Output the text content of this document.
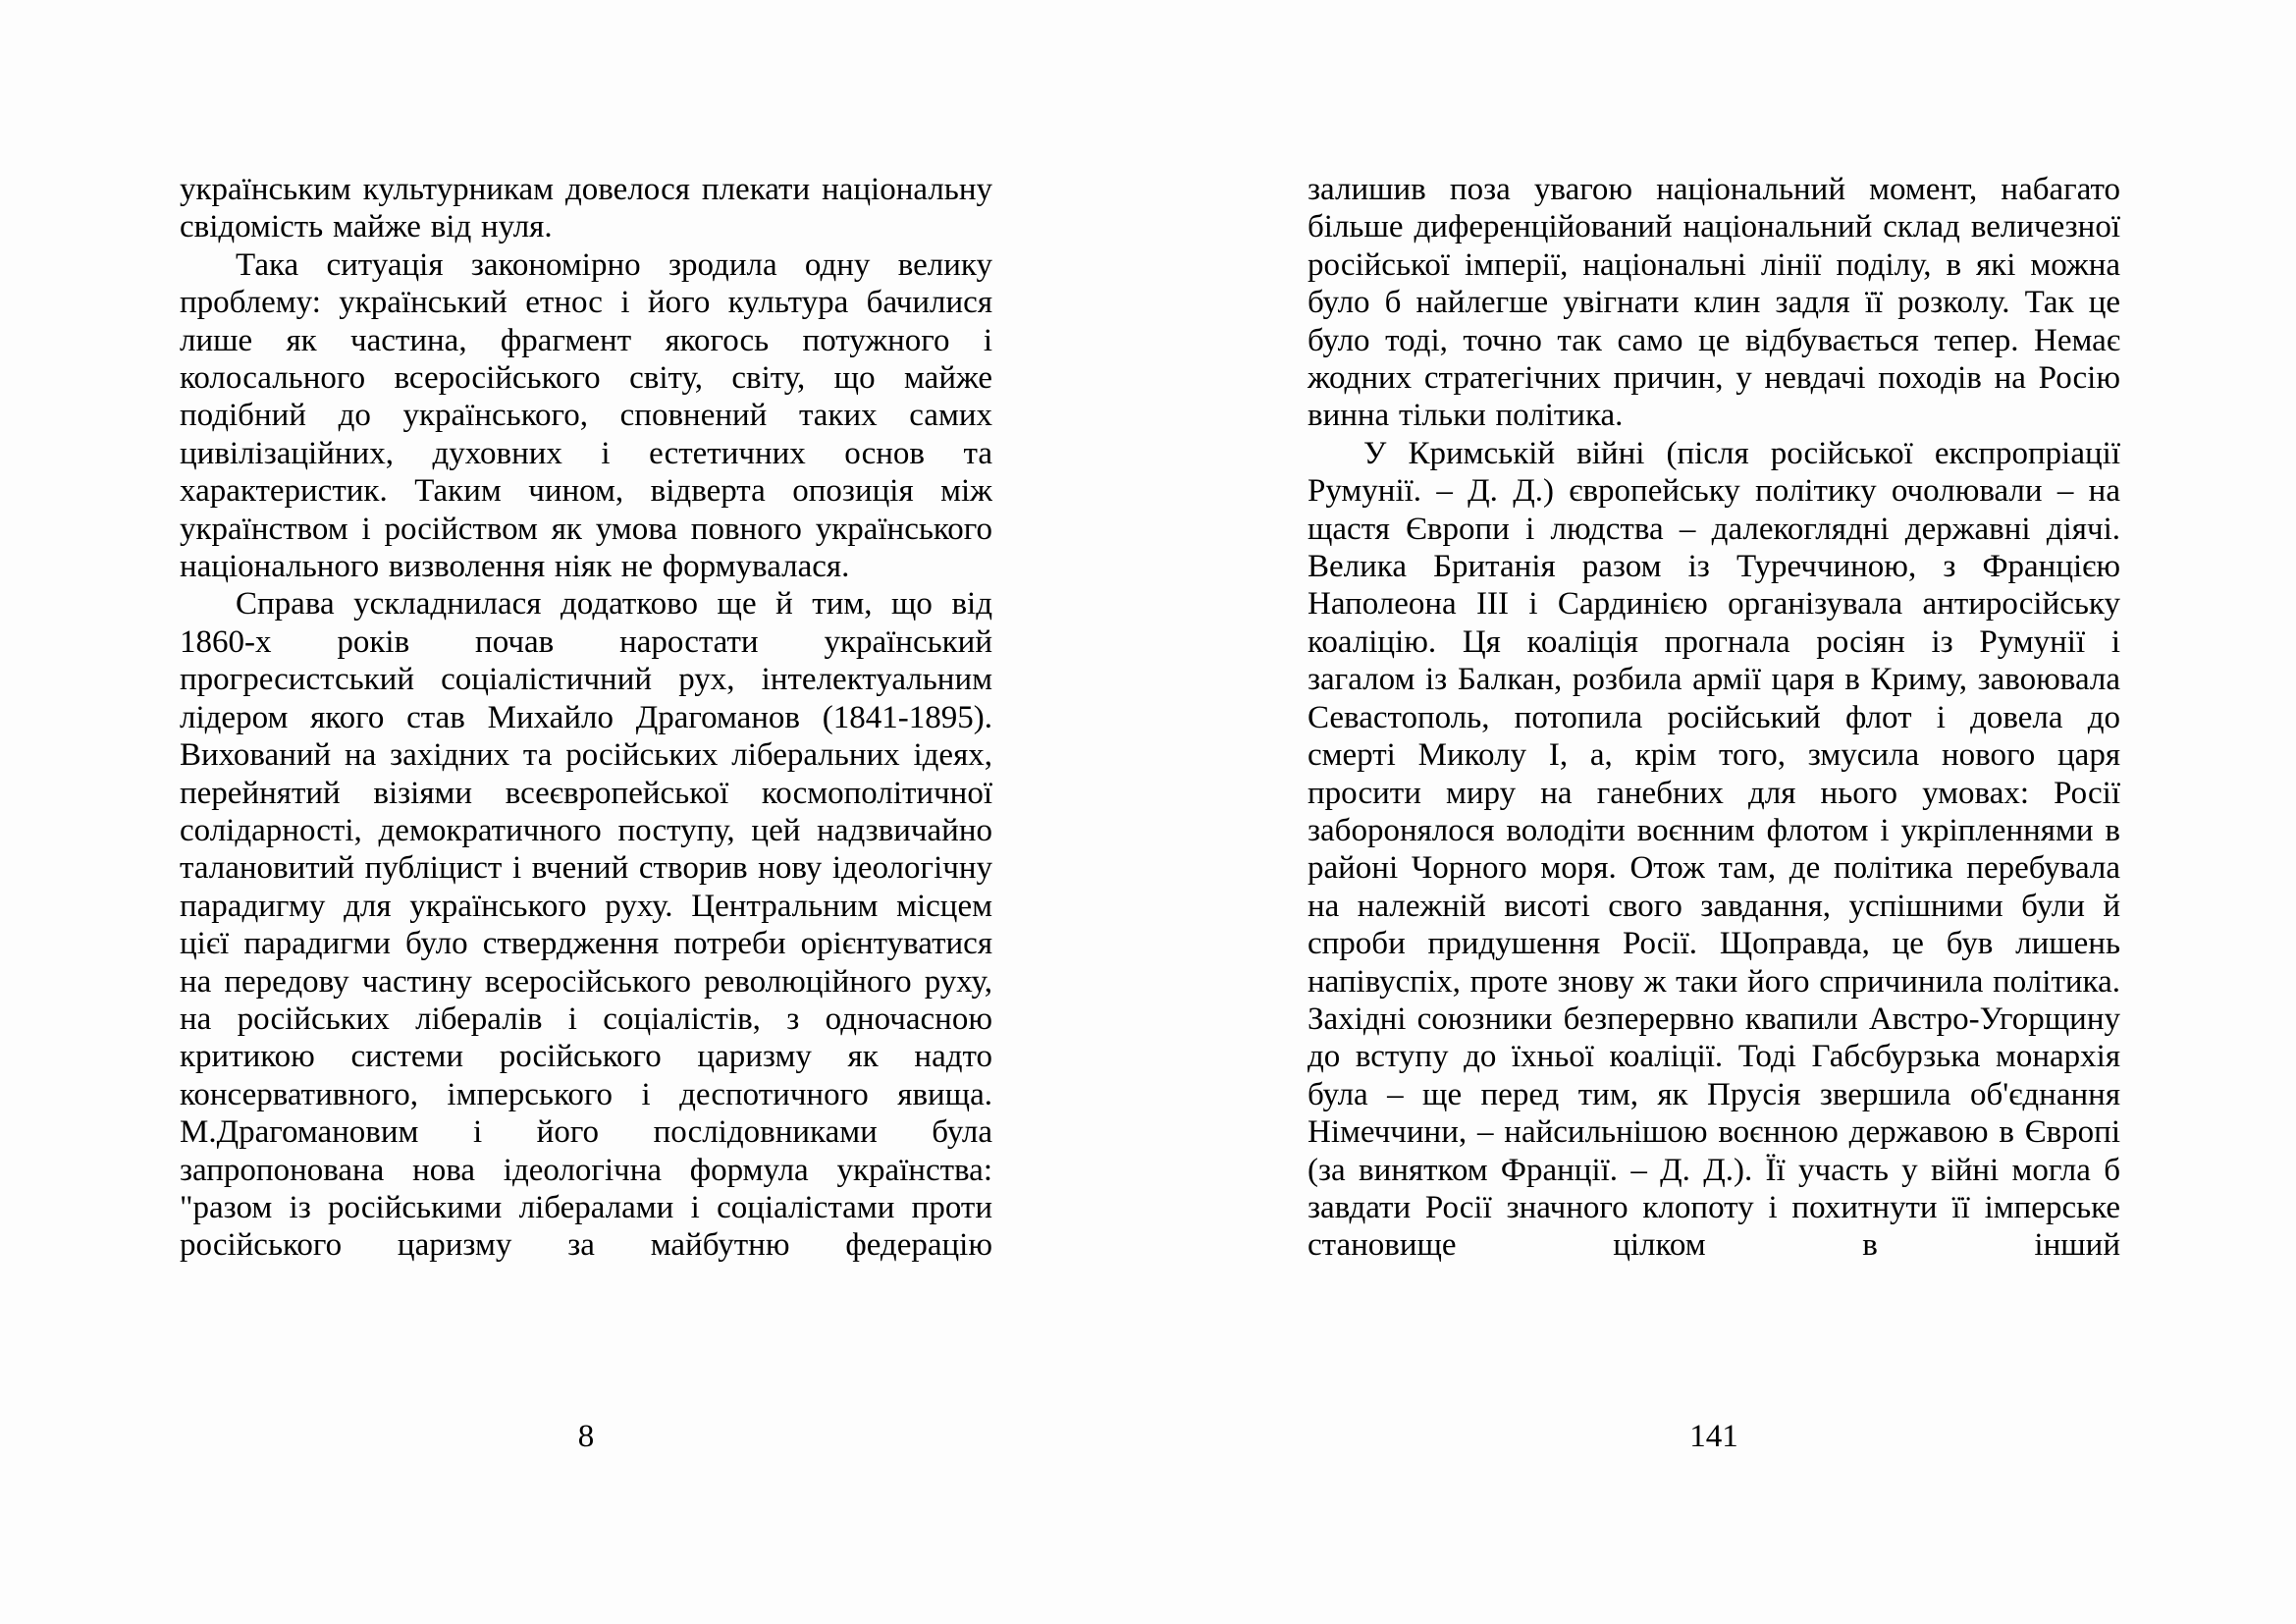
українським культурникам довелося плекати національну свідомість майже від нуля.

Така ситуація закономірно зродила одну велику проблему: український етнос і його культура бачилися лише як частина, фрагмент якогось потужного і колосального всеросійського світу, світу, що майже подібний до українського, сповнений таких самих цивілізаційних, духовних і естетичних основ та характеристик. Таким чином, відверта опозиція між українством і російством як умова повного українського національного визволення ніяк не формувалася.

Справа ускладнилася додатково ще й тим, що від 1860-х років почав наростати український прогресистський соціалістичний рух, інтелектуальним лідером якого став Михайло Драгоманов (1841-1895). Вихований на західних та російських ліберальних ідеях, перейнятий візіями всеєвропейської космополітичної солідарності, демократичного поступу, цей надзвичайно талановитий публіцист і вчений створив нову ідеологічну парадигму для українського руху. Центральним місцем цієї парадигми було ствердження потреби орієнтуватися на передову частину всеросійського революційного руху, на російських лібералів і соціалістів, з одночасною критикою системи російського царизму як надто консервативного, імперського і деспотичного явища. М.Драгомановим і його послідовниками була запропонована нова ідеологічна формула українства: "разом із російськими лібералами і соціалістами проти російського царизму за майбутню федерацію

8

залишив поза увагою національний момент, набагато більше диференційований національний склад величезної російської імперії, національні лінії поділу, в які можна було б найлегше увігнати клин задля її розколу. Так це було тоді, точно так само це відбувається тепер. Немає жодних стратегічних причин, у невдачі походів на Росію винна тільки політика.

У Кримській війні (після російської експропріації Румунії. – Д. Д.) європейську політику очолювали – на щастя Європи і людства – далекоглядні державні діячі. Велика Британія разом із Туреччиною, з Францією Наполеона III і Сардинією організувала антиросійську коаліцію. Ця коаліція прогнала росіян із Румунії і загалом із Балкан, розбила армії царя в Криму, завоювала Севастополь, потопила російський флот і довела до смерті Миколу I, а, крім того, змусила нового царя просити миру на ганебних для нього умовах: Росії заборонялося володіти воєнним флотом і укріпленнями в районі Чорного моря. Отож там, де політика перебувала на належній висоті свого завдання, успішними були й спроби придушення Росії. Щоправда, це був лишень напівуспіх, проте знову ж таки його спричинила політика. Західні союзники безперервно квапили Австро-Угорщину до вступу до їхньої коаліції. Тоді Габсбурзька монархія була – ще перед тим, як Прусія звершила об'єднання Німеччини, – найсильнішою воєнною державою в Європі (за винятком Франції. – Д. Д.). Її участь у війні могла б завдати Росії значного клопоту і похитнути її імперське становище цілком в інший

141
